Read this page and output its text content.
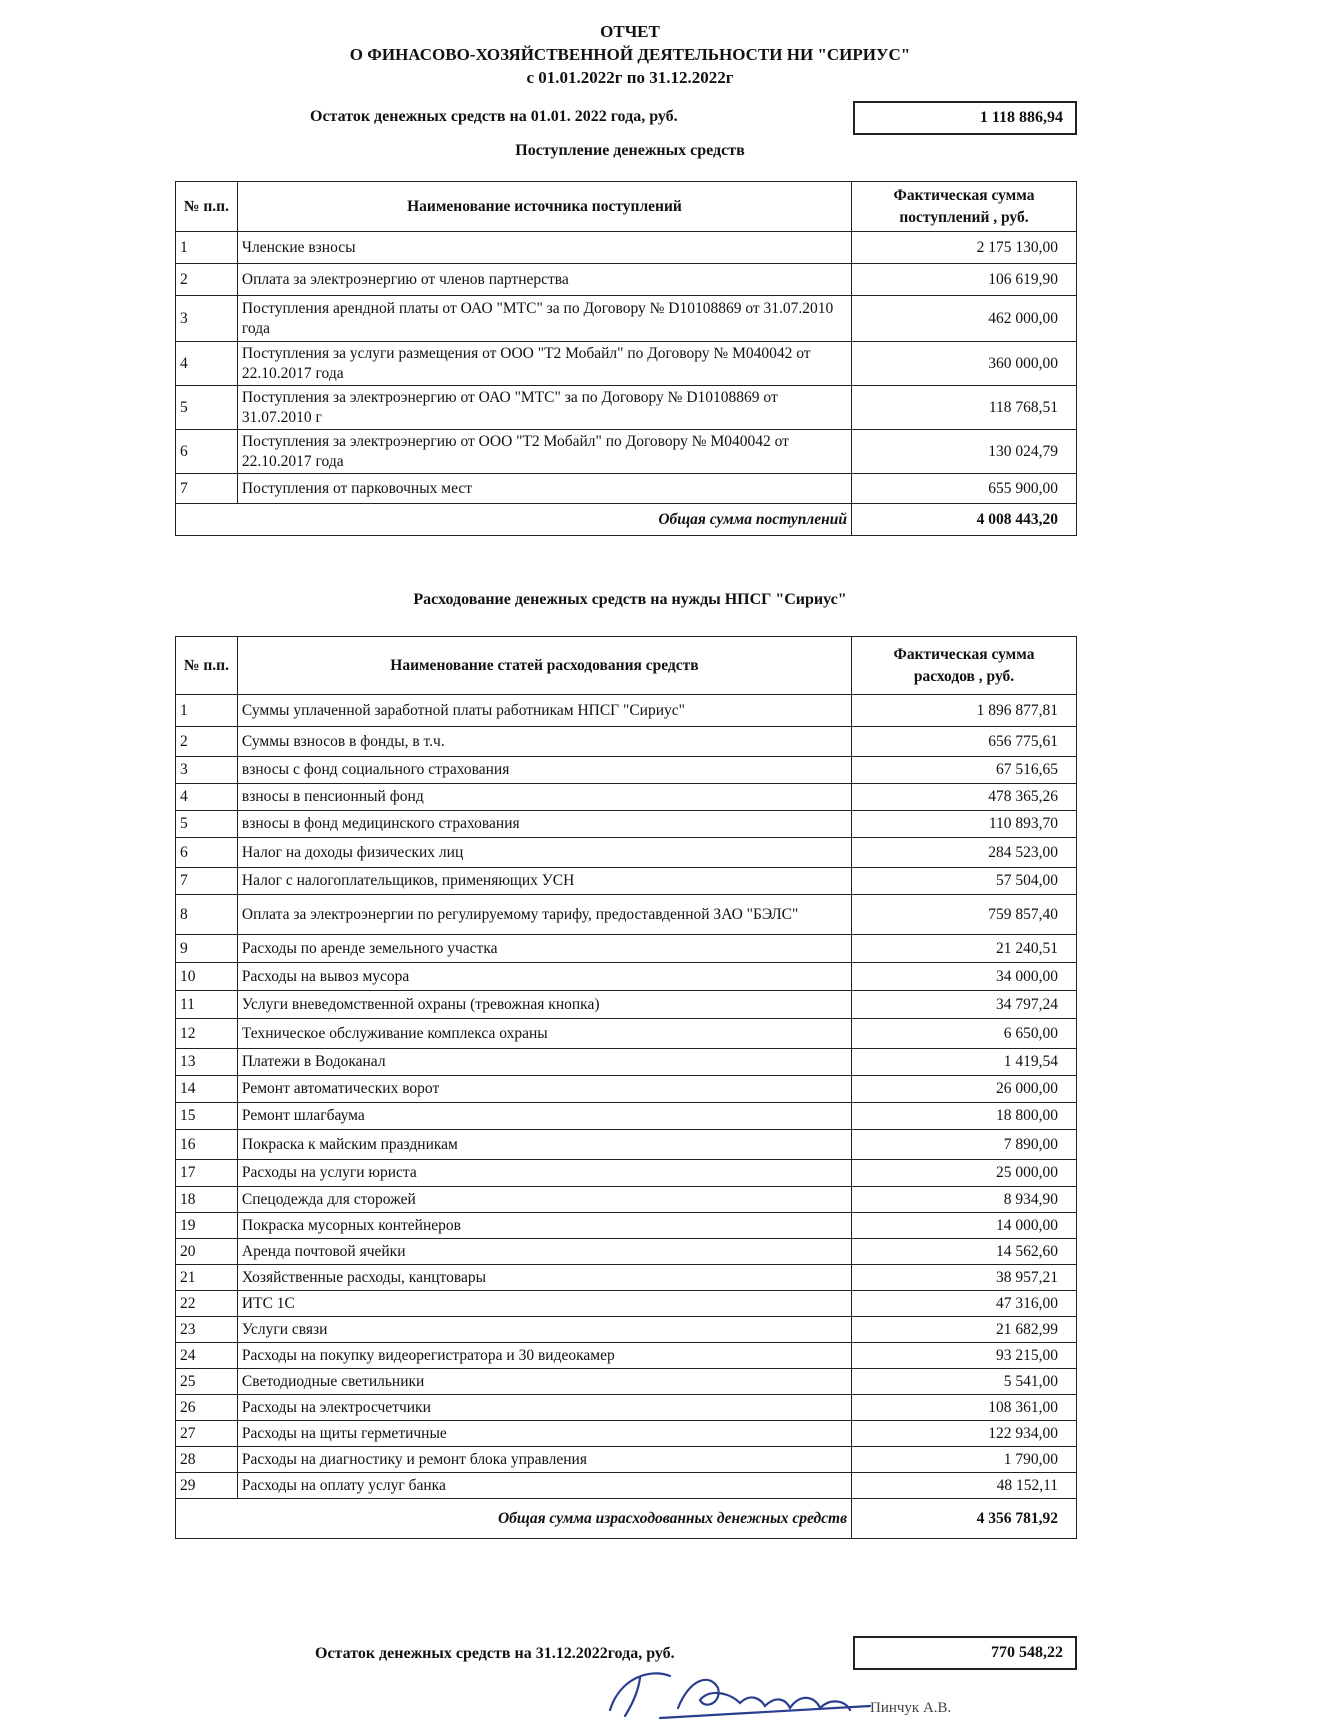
ОТЧЕТ
О ФИНАСОВО-ХОЗЯЙСТВЕННОЙ ДЕЯТЕЛЬНОСТИ НИ "СИРИУС"
с 01.01.2022г по 31.12.2022г
Остаток денежных средств на 01.01. 2022 года, руб.	1 118 886,94
Поступление денежных средств
№ п.п.	Наименование источника поступлений	Фактическая сумма
поступлений , руб.

1	Членские взносы	2 175 130,00
2	Оплата за электроэнергию от членов партнерства	106 619,90
3	Поступления арендной платы от ОАО "МТС" за по Договору № D10108869 от 31.07.2010 года	462 000,00
4	Поступления за услуги размещения от ООО "Т2 Мобайл" по Договору № M040042 от 22.10.2017 года	360 000,00
5	Поступления за электроэнергию от ОАО "МТС" за по Договору № D10108869 от 31.07.2010 г	118 768,51
6	Поступления за электроэнергию от ООО "Т2 Мобайл" по Договору № M040042 от 22.10.2017 года	130 024,79
7	Поступления от парковочных мест	655 900,00
Общая сумма поступлений		4 008 443,20
Расходование денежных средств на нужды НПСГ "Сириус"
№ п.п.	Наименование статей расходования средств	Фактическая сумма
расходов , руб.

1	Суммы уплаченной заработной платы работникам НПСГ "Сириус"	1 896 877,81
2	Суммы взносов в фонды, в т.ч.	656 775,61
3	взносы с фонд социального страхования	67 516,65
4	взносы в пенсионный фонд	478 365,26
5	взносы в фонд медицинского страхования	110 893,70
6	Налог на доходы физических лиц	284 523,00
7	Налог с налогоплательщиков, применяющих УСН	57 504,00
8	Оплата за электроэнергии по регулируемому тарифу, предоставденной ЗАО "БЭЛС"	759 857,40
9	Расходы по аренде земельного участка	21 240,51
10	Расходы на вывоз мусора	34 000,00
11	Услуги вневедомственной охраны (тревожная кнопка)	34 797,24
12	Техническое обслуживание комплекса охраны	6 650,00
13	Платежи в Водоканал	1 419,54
14	Ремонт автоматических ворот	26 000,00
15	Ремонт шлагбаума	18 800,00
16	Покраска к майским праздникам	7 890,00
17	Расходы на услуги юриста	25 000,00
18	Спецодежда для сторожей	8 934,90
19	Покраска мусорных контейнеров	14 000,00
20	Аренда почтовой ячейки	14 562,60
21	Хозяйственные расходы, канцтовары	38 957,21
22	ИТС 1С	47 316,00
23	Услуги связи	21 682,99
24	Расходы на покупку видеорегистратора и 30 видеокамер	93 215,00
25	Светодиодные светильники	5 541,00
26	Расходы на электросчетчики	108 361,00
27	Расходы на щиты герметичные	122 934,00
28	Расходы на диагностику и ремонт блока управления	1 790,00
29	Расходы на оплату услуг банка	48 152,11
Общая сумма израсходованных денежных средств		4 356 781,92
Остаток денежных средств на 31.12.2022года, руб.	770 548,22
Пинчук А.В.
